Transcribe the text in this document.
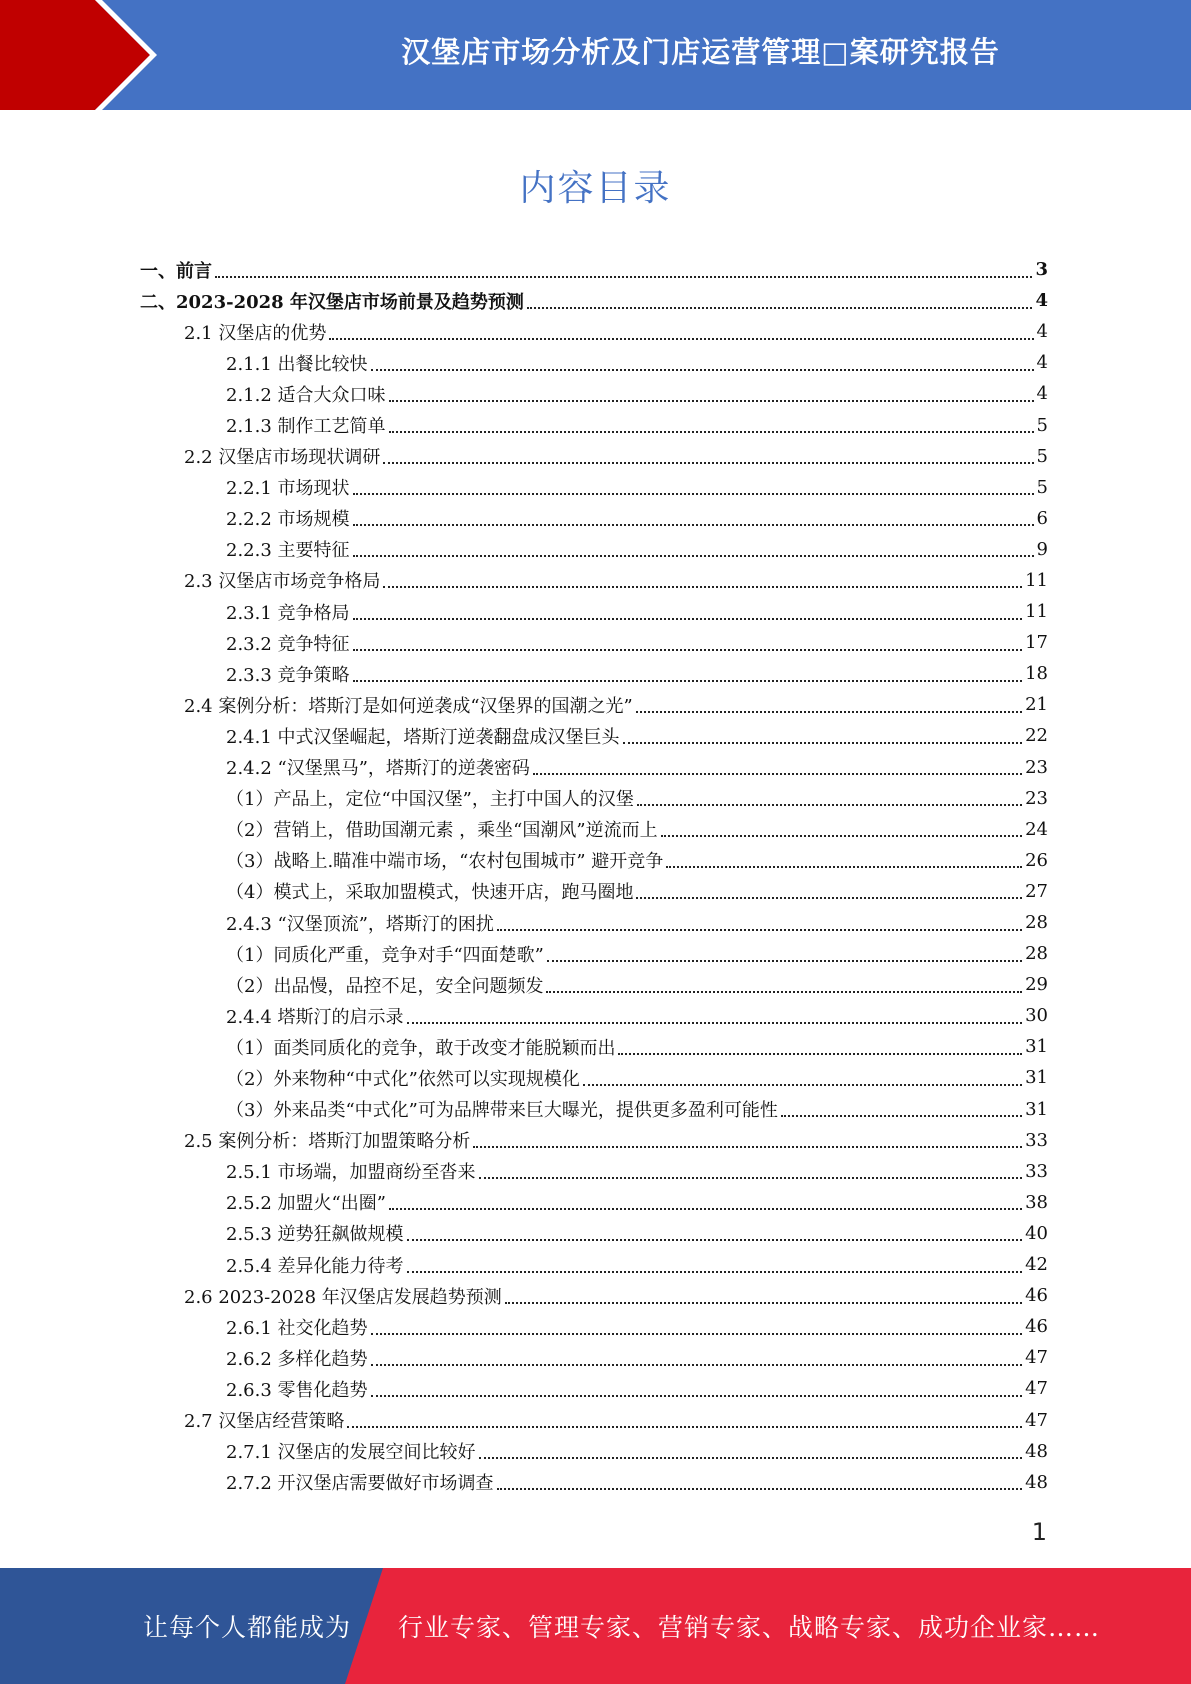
汉堡店市场分析及门店运营管理□案研究报告
内容目录
一、前言	3
二、2023-2028 年汉堡店市场前景及趋势预测	4
2.1 汉堡店的优势	4
2.1.1 出餐比较快	4
2.1.2 适合大众口味	4
2.1.3 制作工艺简单	5
2.2 汉堡店市场现状调研	5
2.2.1 市场现状	5
2.2.2 市场规模	6
2.2.3 主要特征	9
2.3 汉堡店市场竞争格局	11
2.3.1 竞争格局	11
2.3.2 竞争特征	17
2.3.3 竞争策略	18
2.4 案例分析：塔斯汀是如何逆袭成“汉堡界的国潮之光”	21
2.4.1 中式汉堡崛起，塔斯汀逆袭翻盘成汉堡巨头	22
2.4.2 “汉堡黑马”，塔斯汀的逆袭密码	23
（1）产品上，定位“中国汉堡”，主打中国人的汉堡	23
（2）营销上，借助国潮元素 ，乘坐“国潮风”逆流而上	24
（3）战略上.瞄准中端市场，“农村包围城市” 避开竞争	26
（4）模式上，采取加盟模式，快速开店，跑马圈地	27
2.4.3 “汉堡顶流”，塔斯汀的困扰	28
（1）同质化严重，竞争对手“四面楚歌”	28
（2）出品慢，品控不足，安全问题频发	29
2.4.4 塔斯汀的启示录	30
（1）面类同质化的竞争，敢于改变才能脱颖而出	31
（2）外来物种“中式化”依然可以实现规模化	31
（3）外来品类“中式化”可为品牌带来巨大曝光，提供更多盈利可能性	31
2.5 案例分析：塔斯汀加盟策略分析	33
2.5.1 市场端，加盟商纷至沓来	33
2.5.2 加盟火“出圈”	38
2.5.3 逆势狂飙做规模	40
2.5.4 差异化能力待考	42
2.6 2023-2028 年汉堡店发展趋势预测	46
2.6.1 社交化趋势	46
2.6.2 多样化趋势	47
2.6.3 零售化趋势	47
2.7 汉堡店经营策略	47
2.7.1 汉堡店的发展空间比较好	48
2.7.2 开汉堡店需要做好市场调查	48
1
让每个人都能成为 行业专家、管理专家、营销专家、战略专家、成功企业家……
